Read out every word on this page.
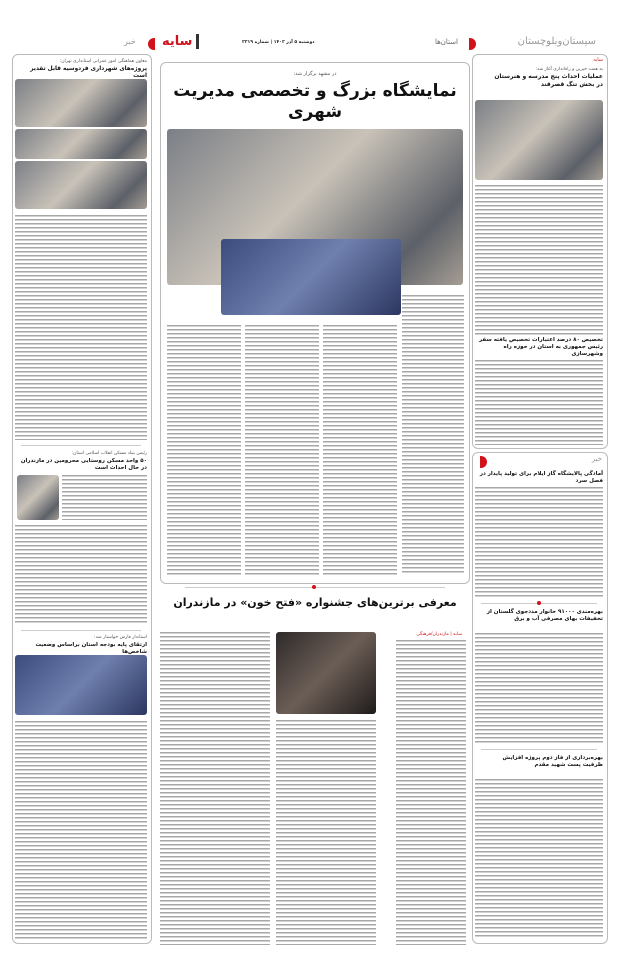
سیستان‌وبلوچستان
استان‌ها
دوشنبه ۵ آذر ۱۴۰۲ | شماره ۲۲۱۹
سایه
خبر
سایه
به همت خیرین و راه‌اندازی آغاز شد:
عملیات احداث پنج مدرسه و هنرستان در بخش تنگ قصرقند
تخصیص ۸۰ درصد اعتبارات تخصیص یافته سفر رئیس جمهوری به استان در حوزه راه وشهرسازی
خبر
آمادگی پالایشگاه گاز ایلام برای تولید پایدار در فصل سرد
بهره‌مندی ۹۱۰۰۰ خانوار مددجوی گلستان از تخفیفات بهای مصرفی آب و برق
بهره‌برداری از فاز دوم پروژه افزایش ظرفیت پست شهید مقدم
در مشهد برگزار شد:
نمایشگاه بزرگ و تخصصی مدیریت شهری
معرفی برترین‌های جشنواره «فتح خون» در مازندران
سایه | مازندران/فرهنگی
معاون هماهنگی امور عمرانی استانداری تهران:
پروژه‌های شهرداری فردوسیه قابل تقدیر است
رئیس بنیاد مسکن انقلاب اسلامی استان:
۵۰ واحد مسکن روستایی محرومین در مازندران در حال احداث است
استاندار فارس خواستار شد:
ارتقای پایه بودجه استان براساس وضعیت شاخص‌ها
